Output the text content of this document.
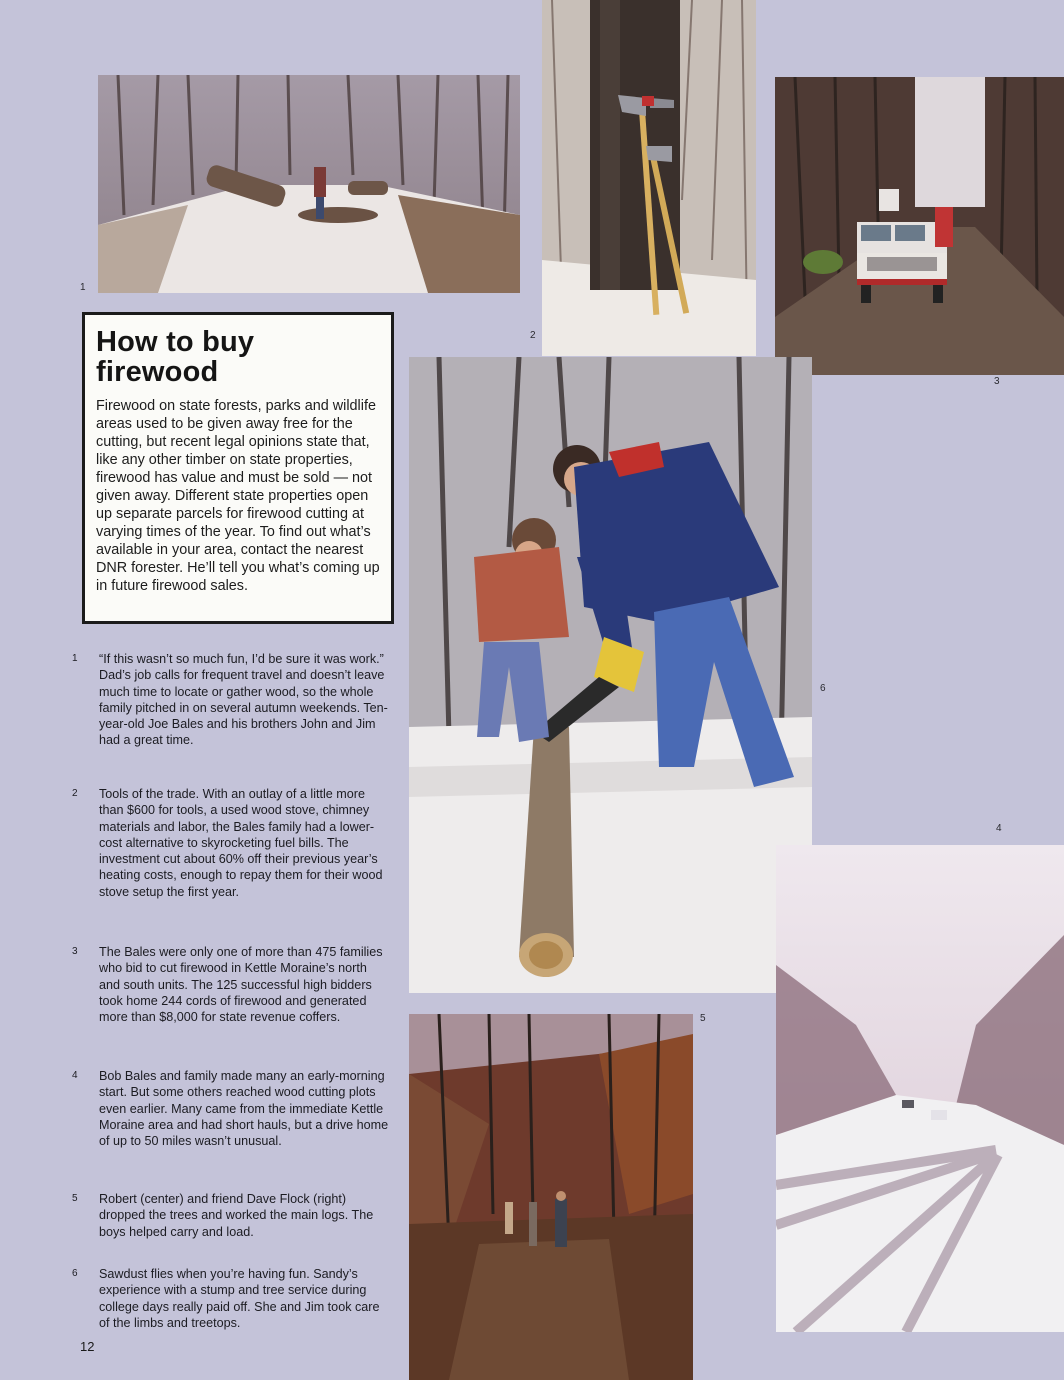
1
2
3
How to buy
firewood

Firewood on state forests, parks and wildlife areas used to be given away free for the cutting, but recent legal opinions state that, like any other timber on state properties, firewood has value and must be sold — not given away. Different state properties open up separate parcels for firewood cutting at varying times of the year. To find out what’s available in your area, contact the nearest DNR forester. He’ll tell you what’s coming up in future firewood sales.

6
4
5
1	“If this wasn’t so much fun, I’d be sure it was work.” Dad’s job calls for frequent travel and doesn’t leave much time to locate or gather wood, so the whole family pitched in on several autumn weekends. Ten-year-old Joe Bales and his brothers John and Jim had a great time.
2	Tools of the trade. With an outlay of a little more than $600 for tools, a used wood stove, chimney materials and labor, the Bales family had a lower-cost alternative to skyrocketing fuel bills. The investment cut about 60% off their previous year’s heating costs, enough to repay them for their wood stove setup the first year.
3	The Bales were only one of more than 475 families who bid to cut firewood in Kettle Moraine’s north and south units. The 125 successful high bidders took home 244 cords of firewood and generated more than $8,000 for state revenue coffers.
4	Bob Bales and family made many an early-morning start. But some others reached wood cutting plots even earlier. Many came from the immediate Kettle Moraine area and had short hauls, but a drive home of up to 50 miles wasn’t unusual.
5	Robert (center) and friend Dave Flock (right) dropped the trees and worked the main logs. The boys helped carry and load.
6	Sawdust flies when you’re having fun. Sandy’s experience with a stump and tree service during college days really paid off. She and Jim took care of the limbs and treetops.
12
